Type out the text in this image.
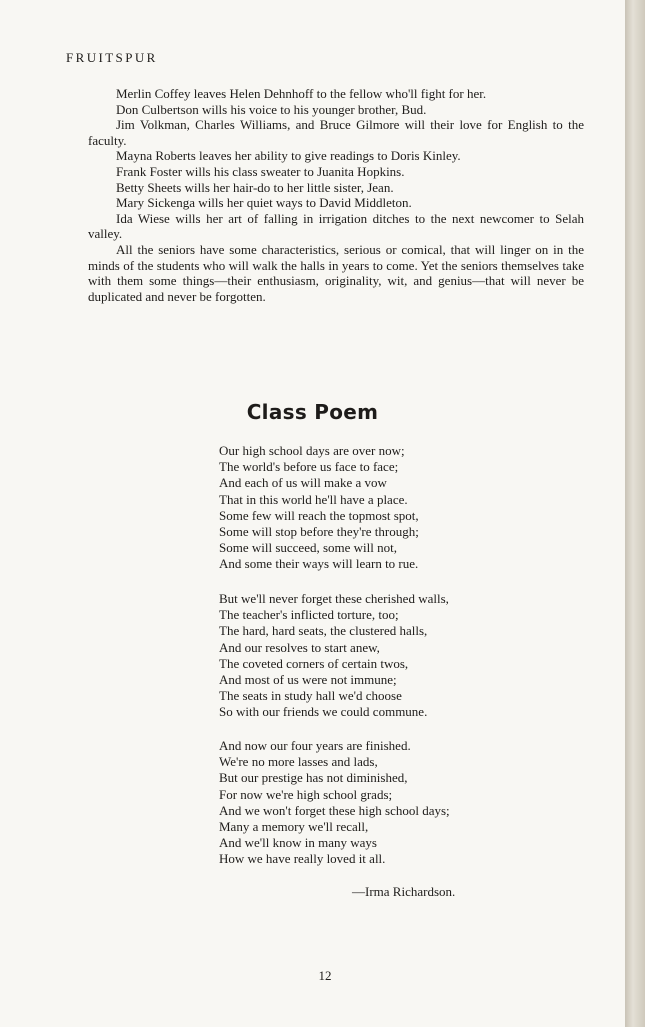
FRUITSPUR

Merlin Coffey leaves Helen Dehnhoff to the fellow who'll fight for her.

Don Culbertson wills his voice to his younger brother, Bud.

Jim Volkman, Charles Williams, and Bruce Gilmore will their love for English to the faculty.

Mayna Roberts leaves her ability to give readings to Doris Kinley.

Frank Foster wills his class sweater to Juanita Hopkins.

Betty Sheets wills her hair-do to her little sister, Jean.

Mary Sickenga wills her quiet ways to David Middleton.

Ida Wiese wills her art of falling in irrigation ditches to the next newcomer to Selah valley.

All the seniors have some characteristics, serious or comical, that will linger on in the minds of the students who will walk the halls in years to come. Yet the seniors themselves take with them some things—their enthusiasm, originality, wit, and genius—that will never be duplicated and never be forgotten.

Class Poem
Our high school days are over now;
The world's before us face to face;
And each of us will make a vow
That in this world he'll have a place.
Some few will reach the topmost spot,
Some will stop before they're through;
Some will succeed, some will not,
And some their ways will learn to rue.
But we'll never forget these cherished walls,
The teacher's inflicted torture, too;
The hard, hard seats, the clustered halls,
And our resolves to start anew,
The coveted corners of certain twos,
And most of us were not immune;
The seats in study hall we'd choose
So with our friends we could commune.
And now our four years are finished.
We're no more lasses and lads,
But our prestige has not diminished,
For now we're high school grads;
And we won't forget these high school days;
Many a memory we'll recall,
And we'll know in many ways
How we have really loved it all.
—Irma Richardson.
12
